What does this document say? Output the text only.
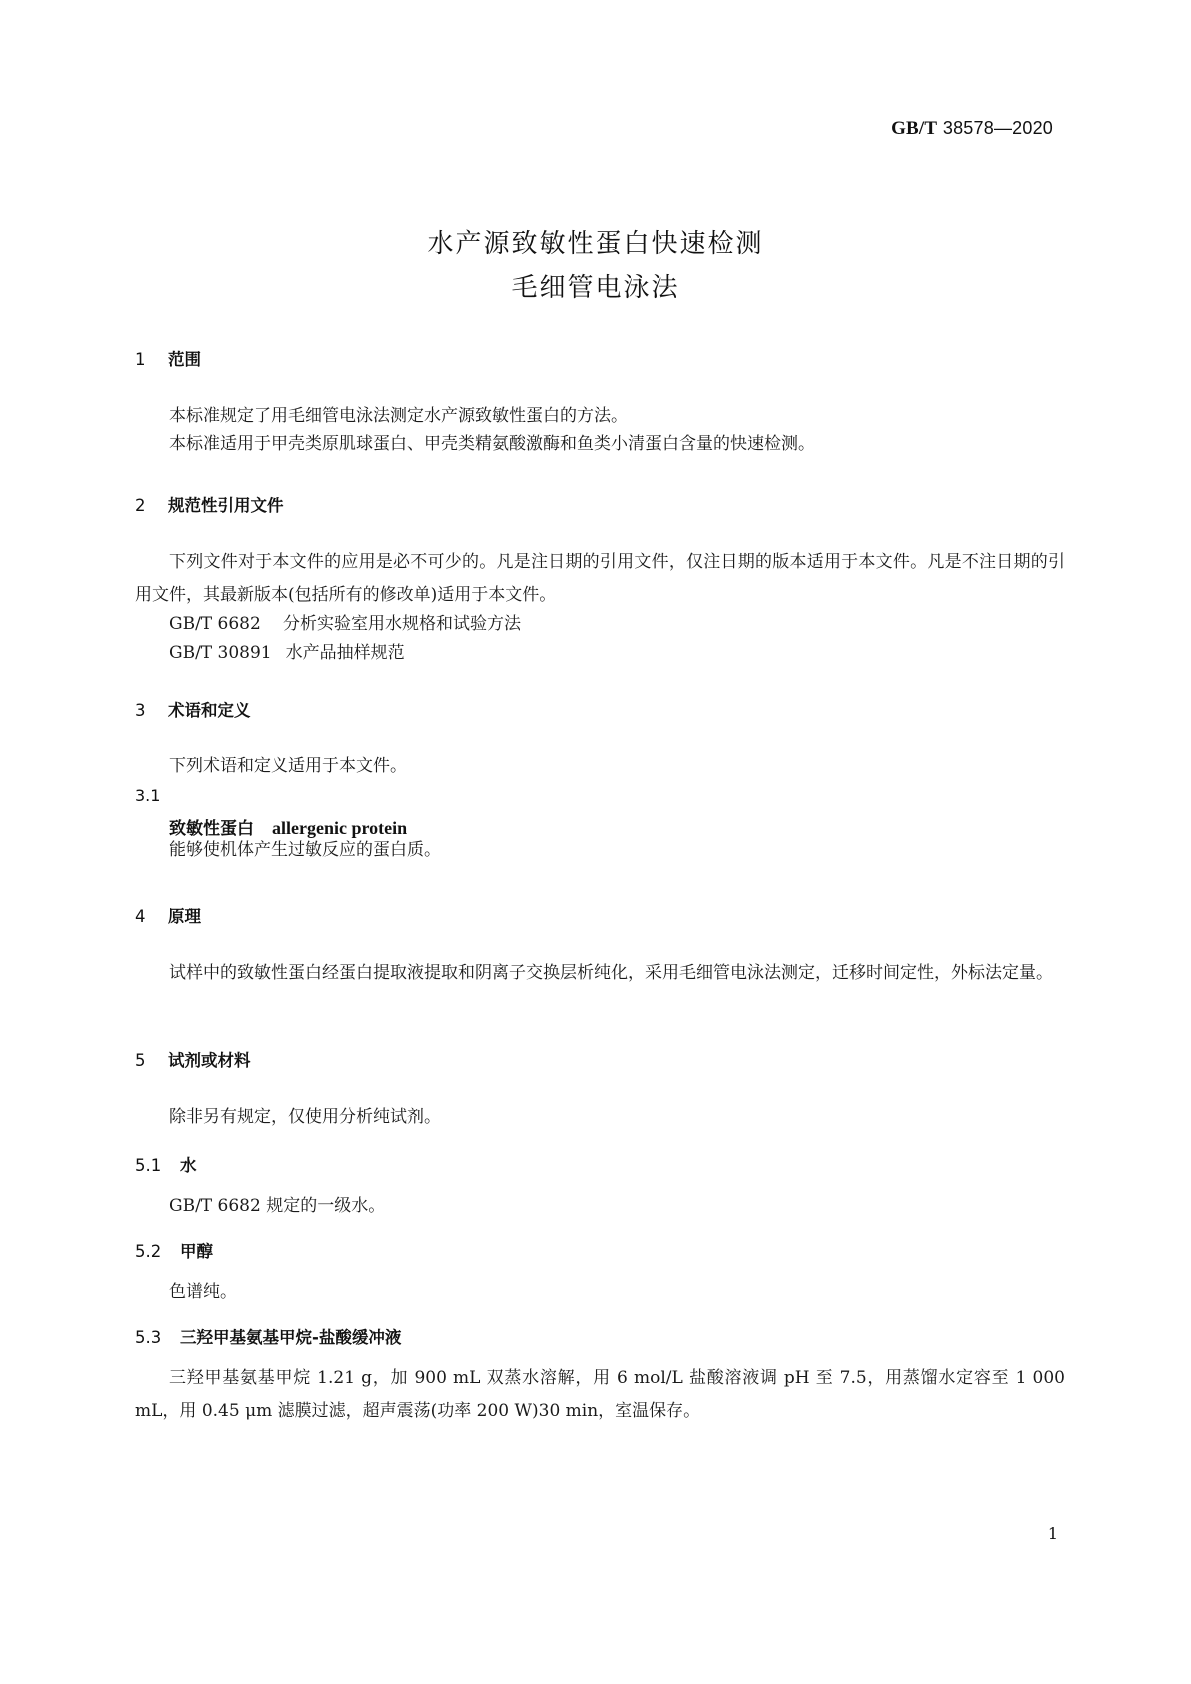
GB/T 38578—2020
水产源致敏性蛋白快速检测
毛细管电泳法
1 范围
本标准规定了用毛细管电泳法测定水产源致敏性蛋白的方法。
本标准适用于甲壳类原肌球蛋白、甲壳类精氨酸激酶和鱼类小清蛋白含量的快速检测。
2 规范性引用文件
下列文件对于本文件的应用是必不可少的。凡是注日期的引用文件，仅注日期的版本适用于本文件。凡是不注日期的引用文件，其最新版本(包括所有的修改单)适用于本文件。
GB/T 6682 分析实验室用水规格和试验方法
GB/T 30891 水产品抽样规范
3 术语和定义
下列术语和定义适用于本文件。
3.1
致敏性蛋白 allergenic protein
能够使机体产生过敏反应的蛋白质。
4 原理
试样中的致敏性蛋白经蛋白提取液提取和阴离子交换层析纯化，采用毛细管电泳法测定，迁移时间定性，外标法定量。
5 试剂或材料
除非另有规定，仅使用分析纯试剂。
5.1 水
GB/T 6682 规定的一级水。
5.2 甲醇
色谱纯。
5.3 三羟甲基氨基甲烷-盐酸缓冲液
三羟甲基氨基甲烷 1.21 g，加 900 mL 双蒸水溶解，用 6 mol/L 盐酸溶液调 pH 至 7.5，用蒸馏水定容至 1 000 mL，用 0.45 μm 滤膜过滤，超声震荡(功率 200 W)30 min，室温保存。
1
